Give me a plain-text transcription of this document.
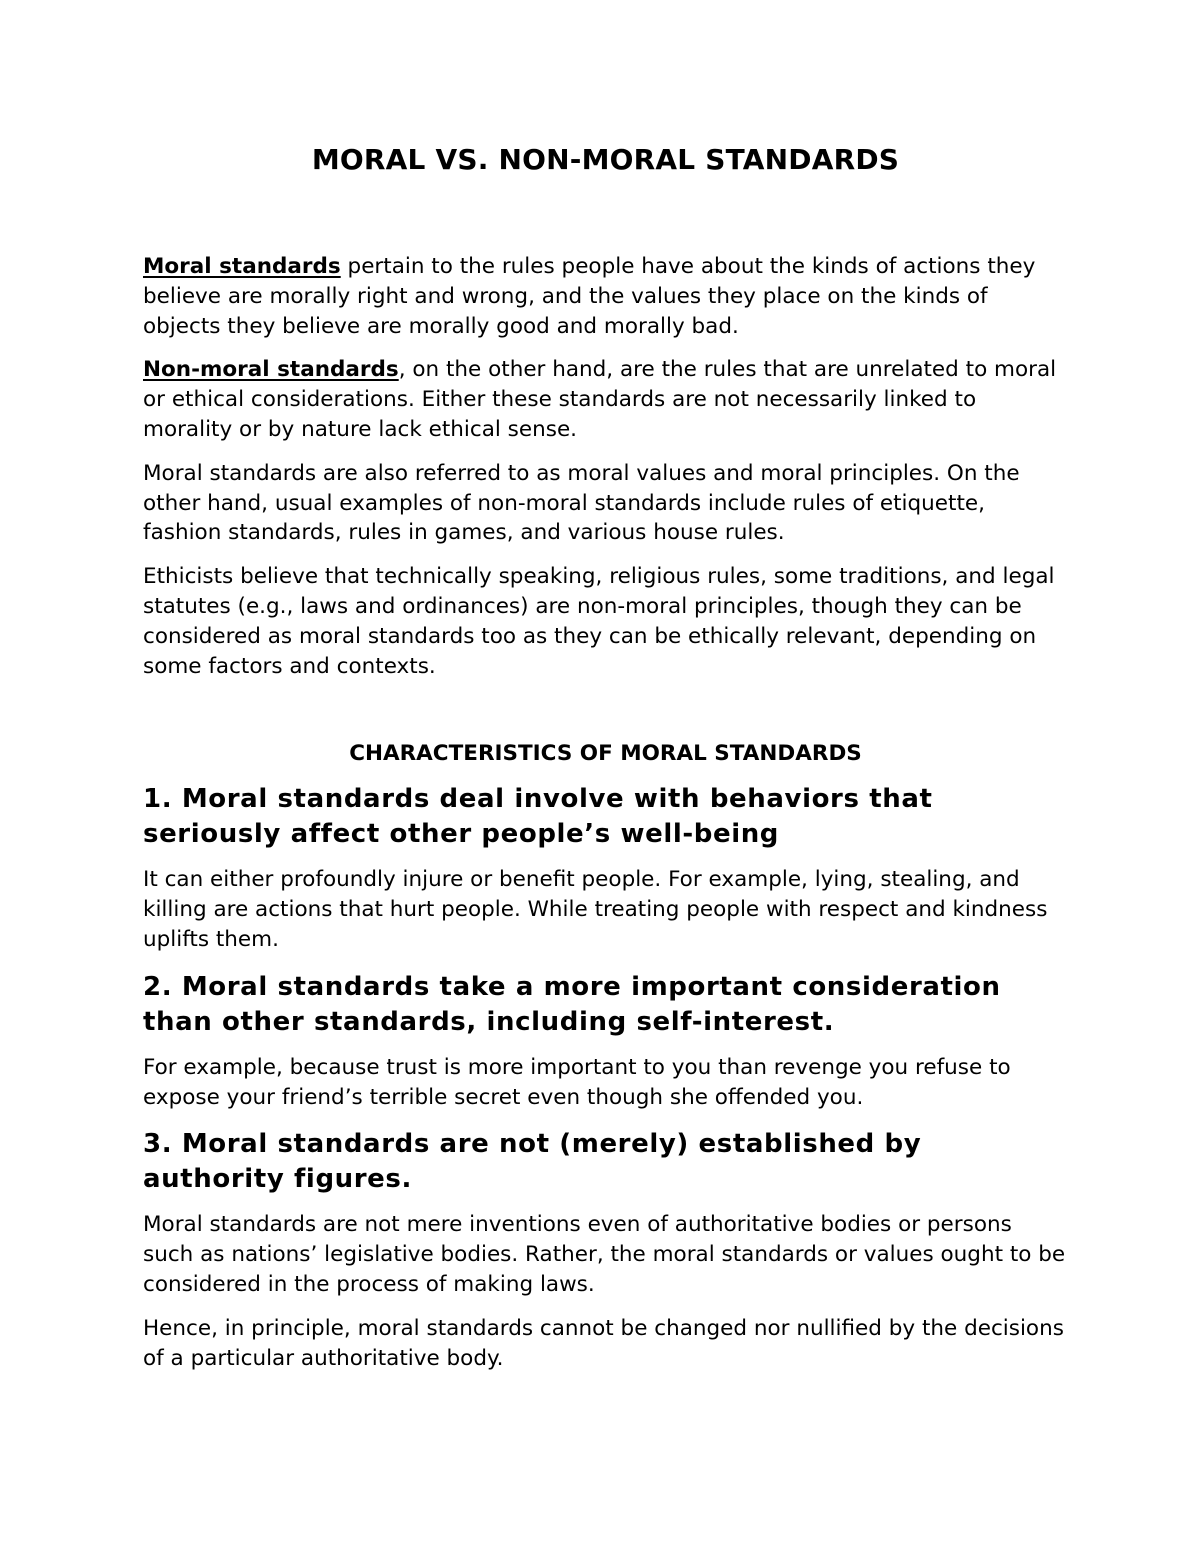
MORAL VS. NON-MORAL STANDARDS

Moral standards pertain to the rules people have about the kinds of actions they believe are morally right and wrong, and the values they place on the kinds of objects they believe are morally good and morally bad.

Non-moral standards, on the other hand, are the rules that are unrelated to moral or ethical considerations. Either these standards are not necessarily linked to morality or by nature lack ethical sense.

Moral standards are also referred to as moral values and moral principles. On the other hand, usual examples of non-moral standards include rules of etiquette, fashion standards, rules in games, and various house rules.

Ethicists believe that technically speaking, religious rules, some traditions, and legal statutes (e.g., laws and ordinances) are non-moral principles, though they can be considered as moral standards too as they can be ethically relevant, depending on some factors and contexts.

CHARACTERISTICS OF MORAL STANDARDS
1. Moral standards deal involve with behaviors that seriously affect other people’s well-being

It can either profoundly injure or benefit people. For example, lying, stealing, and killing are actions that hurt people. While treating people with respect and kindness uplifts them.

2. Moral standards take a more important consideration than other standards, including self-interest.

For example, because trust is more important to you than revenge you refuse to expose your friend’s terrible secret even though she offended you.

3. Moral standards are not (merely) established by authority figures.

Moral standards are not mere inventions even of authoritative bodies or persons such as nations’ legislative bodies. Rather, the moral standards or values ought to be considered in the process of making laws.

Hence, in principle, moral standards cannot be changed nor nullified by the decisions of a particular authoritative body.
